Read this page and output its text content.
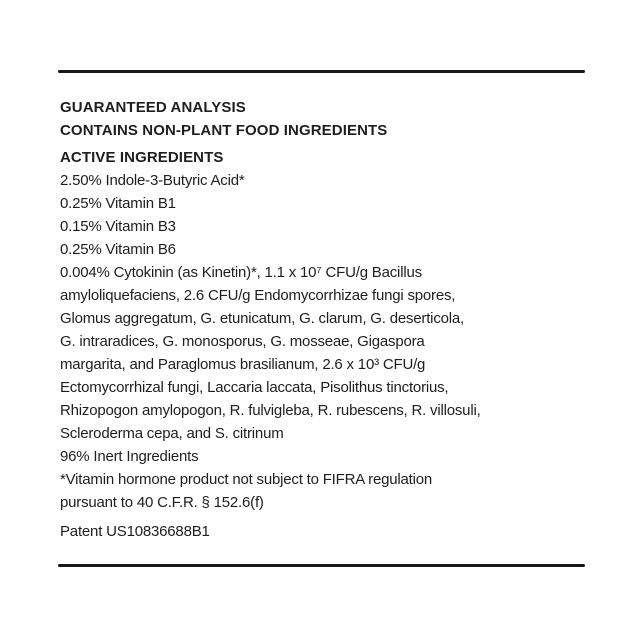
GUARANTEED ANALYSIS
CONTAINS NON-PLANT FOOD INGREDIENTS
ACTIVE INGREDIENTS
2.50% Indole-3-Butyric Acid*
0.25% Vitamin B1
0.15% Vitamin B3
0.25% Vitamin B6
0.004% Cytokinin (as Kinetin)*, 1.1 x 10⁷ CFU/g Bacillus
amyloliquefaciens, 2.6 CFU/g Endomycorrhizae fungi spores,
Glomus aggregatum, G. etunicatum, G. clarum, G. deserticola,
G. intraradices, G. monosporus, G. mosseae, Gigaspora
margarita, and Paraglomus brasilianum, 2.6 x 10³ CFU/g
Ectomycorrhizal fungi, Laccaria laccata, Pisolithus tinctorius,
Rhizopogon amylopogon, R. fulvigleba, R. rubescens, R. villosuli,
Scleroderma cepa, and S. citrinum
96% Inert Ingredients
*Vitamin hormone product not subject to FIFRA regulation
pursuant to 40 C.F.R. § 152.6(f)
Patent US10836688B1
